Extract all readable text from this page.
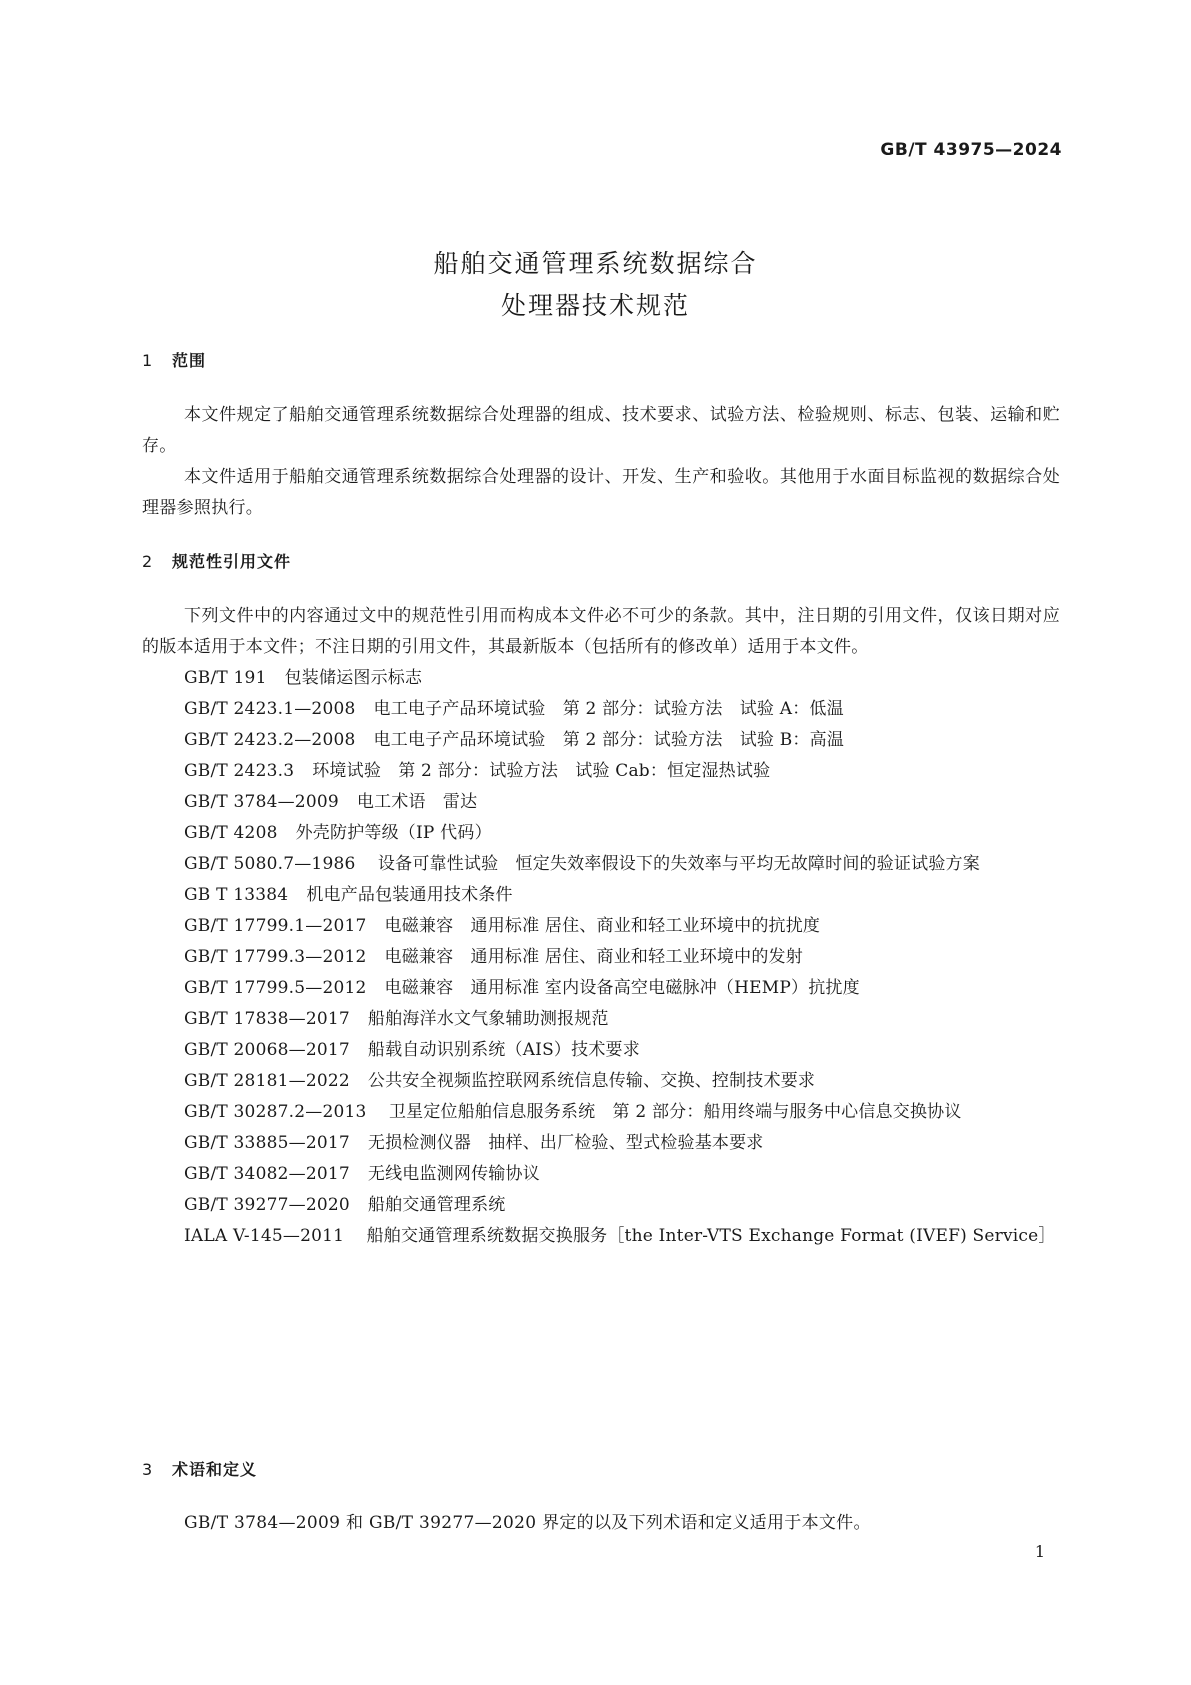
GB/T 43975—2024
船舶交通管理系统数据综合
处理器技术规范
1 范围

本文件规定了船舶交通管理系统数据综合处理器的组成、技术要求、试验方法、检验规则、标志、包装、运输和贮存。

本文件适用于船舶交通管理系统数据综合处理器的设计、开发、生产和验收。其他用于水面目标监视的数据综合处理器参照执行。

2 规范性引用文件

下列文件中的内容通过文中的规范性引用而构成本文件必不可少的条款。其中，注日期的引用文件，仅该日期对应的版本适用于本文件；不注日期的引用文件，其最新版本（包括所有的修改单）适用于本文件。

GB/T 191 包装储运图示标志

GB/T 2423.1—2008 电工电子产品环境试验　第 2 部分：试验方法　试验 A：低温

GB/T 2423.2—2008 电工电子产品环境试验　第 2 部分：试验方法　试验 B：高温

GB/T 2423.3 环境试验　第 2 部分：试验方法　试验 Cab：恒定湿热试验

GB/T 3784—2009 电工术语　雷达

GB/T 4208 外壳防护等级（IP 代码）

GB/T 5080.7—1986 设备可靠性试验　恒定失效率假设下的失效率与平均无故障时间的验证试验方案

GB T 13384 机电产品包装通用技术条件

GB/T 17799.1—2017 电磁兼容　通用标准 居住、商业和轻工业环境中的抗扰度

GB/T 17799.3—2012 电磁兼容　通用标准 居住、商业和轻工业环境中的发射

GB/T 17799.5—2012 电磁兼容　通用标准 室内设备高空电磁脉冲（HEMP）抗扰度

GB/T 17838—2017 船舶海洋水文气象辅助测报规范

GB/T 20068—2017 船载自动识别系统（AIS）技术要求

GB/T 28181—2022 公共安全视频监控联网系统信息传输、交换、控制技术要求

GB/T 30287.2—2013 卫星定位船舶信息服务系统　第 2 部分：船用终端与服务中心信息交换协议

GB/T 33885—2017 无损检测仪器　抽样、出厂检验、型式检验基本要求

GB/T 34082—2017 无线电监测网传输协议

GB/T 39277—2020 船舶交通管理系统

IALA V-145—2011 船舶交通管理系统数据交换服务［the Inter-VTS Exchange Format (IVEF) Service］

3 术语和定义

GB/T 3784—2009 和 GB/T 39277—2020 界定的以及下列术语和定义适用于本文件。

1
